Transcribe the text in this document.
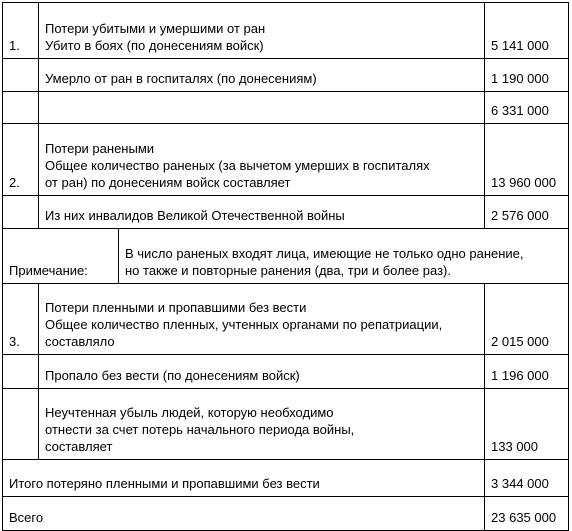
1.	Потери убитыми и умершими от ран
Убито в боях (по донесениям войск)		5 141 000

	Умерло от ран в госпиталях (по донесениям)		1 190 000
			6 331 000
2.	Потери ранеными
Общее количество раненых (за вычетом умерших в госпиталях
от ран) по донесениям войск составляет		13 960 000

	Из них инвалидов Великой Отечественной войны		2 576 000
Примечание:		В число раненых входят лица, имеющие не только одно ранение,
но также и повторные ранения (два, три и более раз).	

3.	Потери пленными и пропавшими без вести
Общее количество пленных, учтенных органами по репатриации,
составляло		2 015 000

	Пропало без вести (по донесениям войск)		1 196 000

	Неучтенная убыль людей, которую необходимо
отнести за счет потерь начального периода войны,
составляет		133 000
Итого потеряно пленными и пропавшими без вести			3 344 000
Всего			23 635 000
